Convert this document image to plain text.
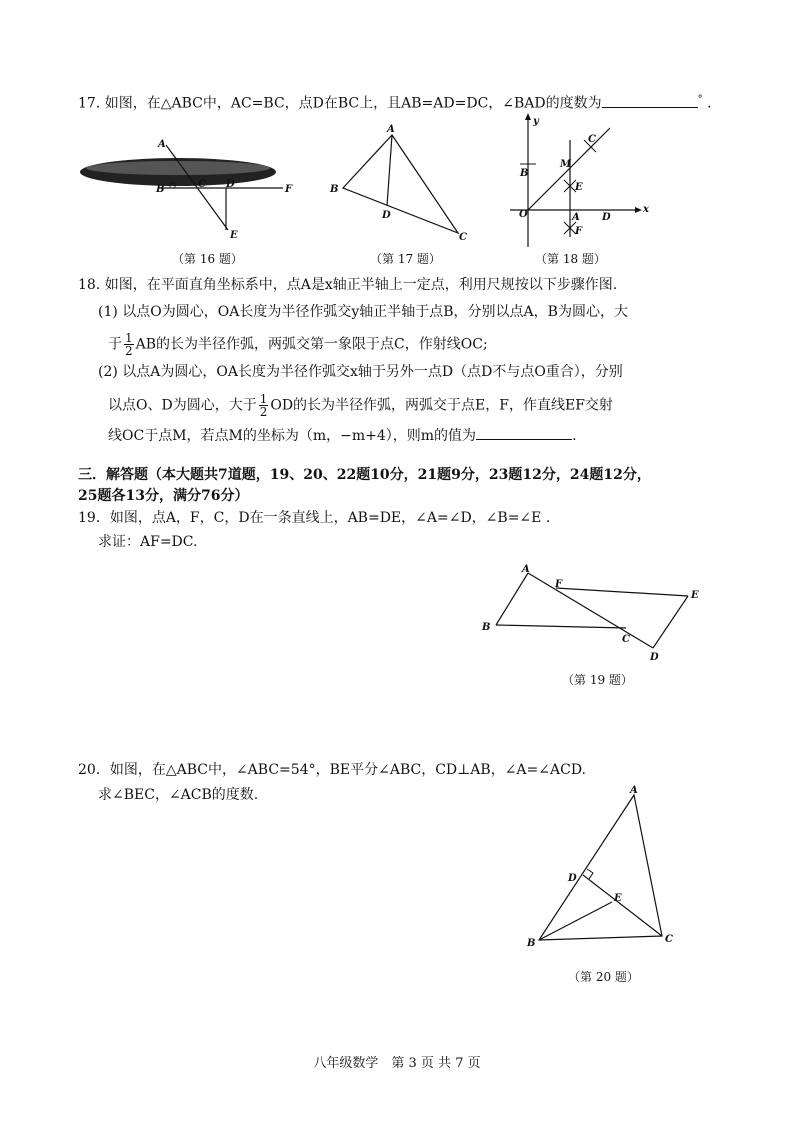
17. 如图，在△ABC中，AC=BC，点D在BC上，且AB=AD=DC，∠BAD的度数为	° .
A
B	C D	F
E
（第 16 题）
A
B
C
D
（第 17 题）
y
x
O
B
C
M
E
A D
F
（第 18 题）
18. 如图，在平面直角坐标系中，点A是x轴正半轴上一定点，利用尺规按以下步骤作图.
(1) 以点O为圆心，OA长度为半径作弧交y轴正半轴于点B，分别以点A，B为圆心，大
于 $\frac{1}{2}$ AB的长为半径作弧，两弧交第一象限于点C，作射线OC;
(2) 以点A为圆心，OA长度为半径作弧交x轴于另外一点D（点D不与点O重合），分别
以点O、D为圆心，大于 $\frac{1}{2}$ OD的长为半径作弧，两弧交于点E，F，作直线EF交射
线OC于点M，若点M的坐标为（m，−m+4），则m的值为	.
三．解答题（本大题共7道题，19、20、22题10分，21题9分，23题12分，24题12分，
25题各13分，满分76分）
19．如图，点A，F，C，D在一条直线上，AB=DE，∠A=∠D，∠B=∠E .
求证：AF=DC.
A
B
C
D
E
F
（第 19 题）
20．如图，在△ABC中，∠ABC=54°，BE平分∠ABC，CD⊥AB，∠A=∠ACD.
求∠BEC，∠ACB的度数.	A
B	C
D
E
（第 20 题）
八年级数学　第 3 页 共 7 页
